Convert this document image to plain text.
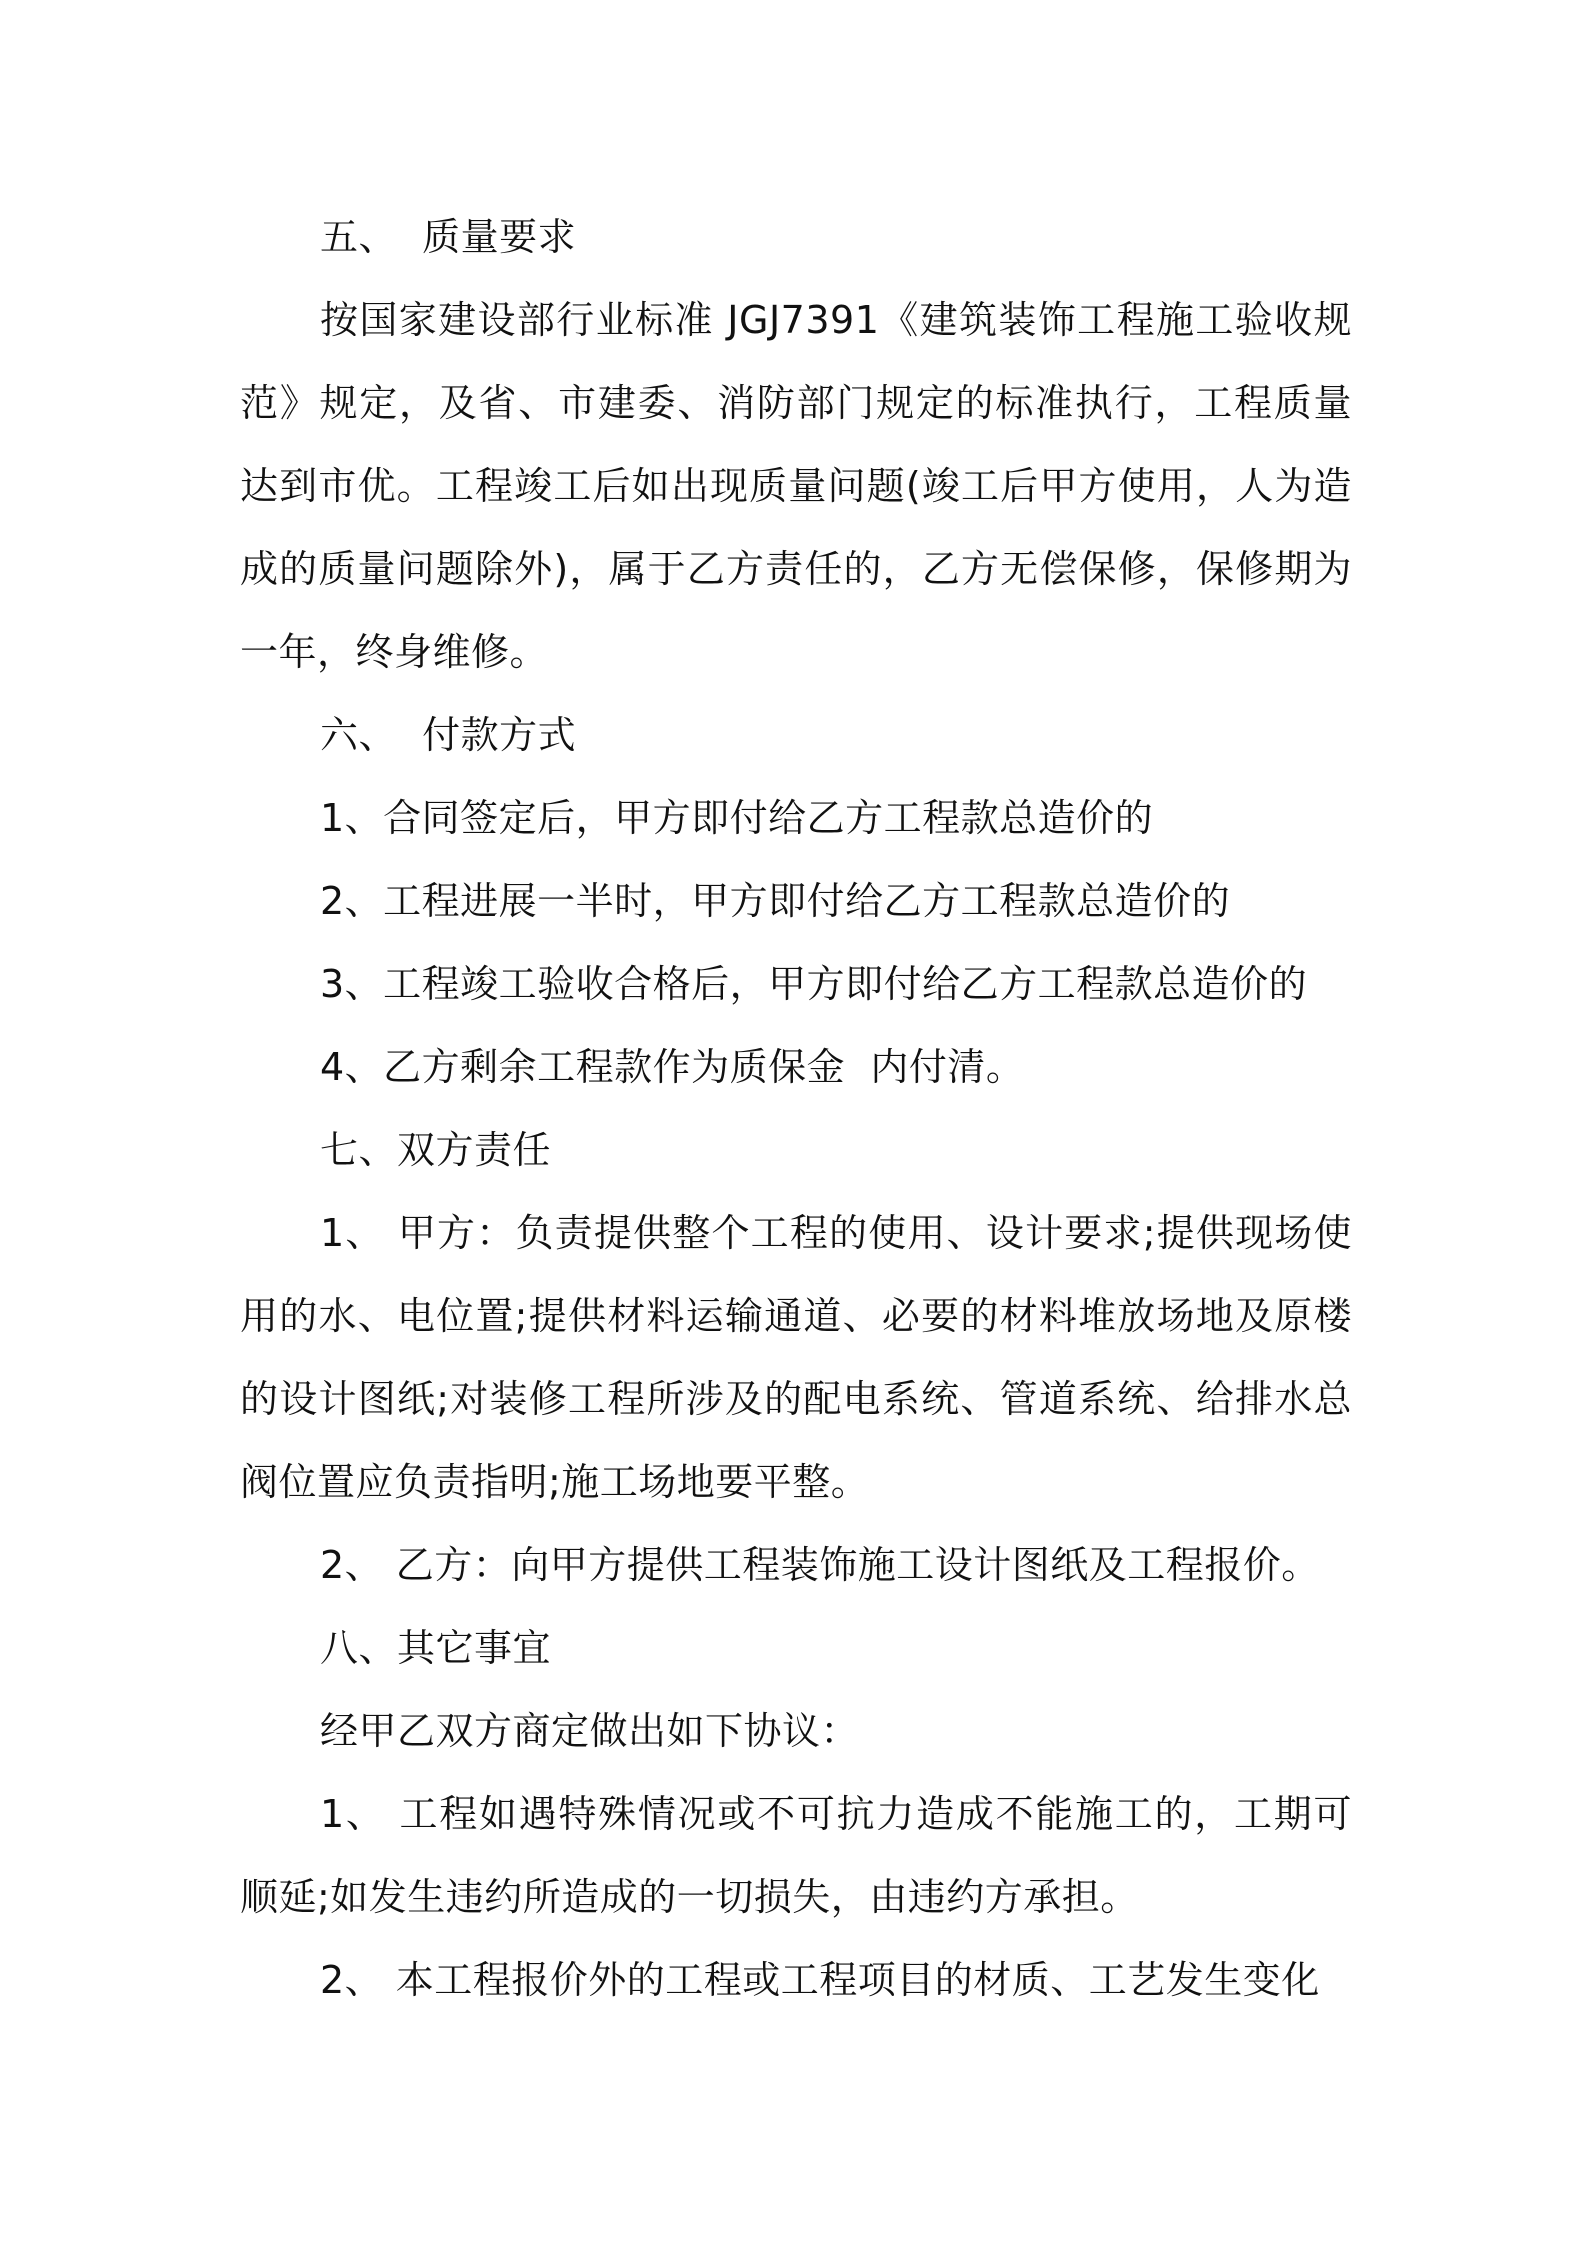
五、  质量要求

按国家建设部行业标准 JGJ7391《建筑装饰工程施工验收规范》规定，及省、市建委、消防部门规定的标准执行，工程质量达到市优。工程竣工后如出现质量问题(竣工后甲方使用，人为造成的质量问题除外)，属于乙方责任的，乙方无偿保修，保修期为一年，终身维修。

六、  付款方式

1、合同签定后，甲方即付给乙方工程款总造价的

2、工程进展一半时，甲方即付给乙方工程款总造价的

3、工程竣工验收合格后，甲方即付给乙方工程款总造价的

4、乙方剩余工程款作为质保金  内付清。

七、双方责任

1、 甲方：负责提供整个工程的使用、设计要求;提供现场使用的水、电位置;提供材料运输通道、必要的材料堆放场地及原楼的设计图纸;对装修工程所涉及的配电系统、管道系统、给排水总阀位置应负责指明;施工场地要平整。

2、 乙方：向甲方提供工程装饰施工设计图纸及工程报价。

八、其它事宜

经甲乙双方商定做出如下协议：

1、 工程如遇特殊情况或不可抗力造成不能施工的，工期可顺延;如发生违约所造成的一切损失，由违约方承担。

2、 本工程报价外的工程或工程项目的材质、工艺发生变化
